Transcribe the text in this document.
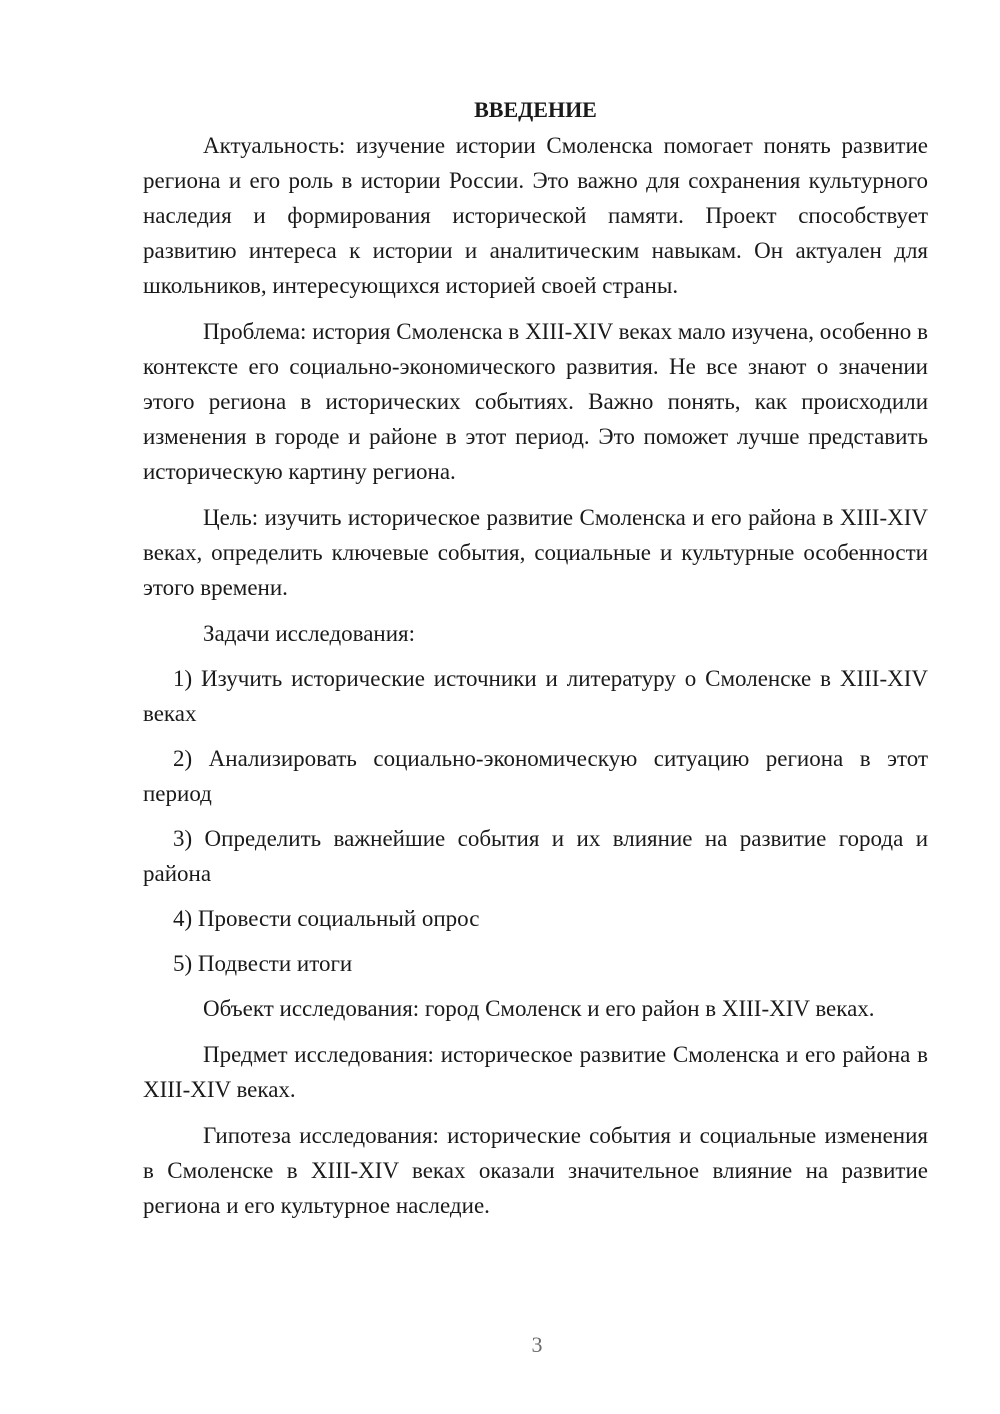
ВВЕДЕНИЕ

Актуальность: изучение истории Смоленска помогает понять развитие региона и его роль в истории России. Это важно для сохранения культурного наследия и формирования исторической памяти. Проект способствует развитию интереса к истории и аналитическим навыкам. Он актуален для школьников, интересующихся историей своей страны.

Проблема: история Смоленска в XIII-XIV веках мало изучена, особенно в контексте его социально-экономического развития. Не все знают о значении этого региона в исторических событиях. Важно понять, как происходили изменения в городе и районе в этот период. Это поможет лучше представить историческую картину региона.

Цель: изучить историческое развитие Смоленска и его района в XIII-XIV веках, определить ключевые события, социальные и культурные особенности этого времени.

Задачи исследования:

1) Изучить исторические источники и литературу о Смоленске в XIII-XIV веках

2) Анализировать социально-экономическую ситуацию региона в этот период

3) Определить важнейшие события и их влияние на развитие города и района

4) Провести социальный опрос

5) Подвести итоги

Объект исследования: город Смоленск и его район в XIII-XIV веках.

Предмет исследования: историческое развитие Смоленска и его района в XIII-XIV веках.

Гипотеза исследования: исторические события и социальные изменения в Смоленске в XIII-XIV веках оказали значительное влияние на развитие региона и его культурное наследие.

3
